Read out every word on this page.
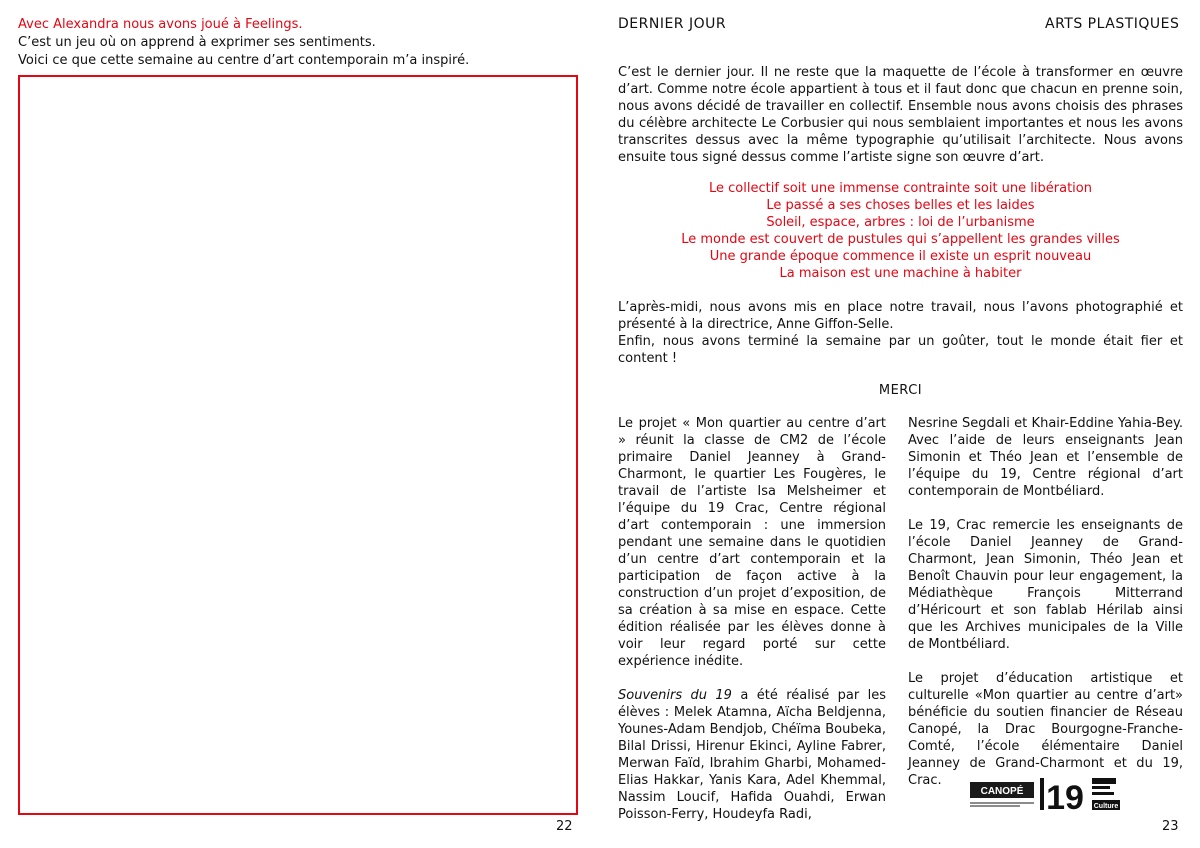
Avec Alexandra nous avons joué à Feelings.
C’est un jeu où on apprend à exprimer ses sentiments.
Voici ce que cette semaine au centre d’art contemporain m’a inspiré.
22
DERNIER JOUR	ARTS PLASTIQUES
C’est le dernier jour. Il ne reste que la maquette de l’école à transformer en œuvre d’art. Comme notre école appartient à tous et il faut donc que chacun en prenne soin, nous avons décidé de travailler en collectif. Ensemble nous avons choisis des phrases du célèbre architecte Le Corbusier qui nous semblaient importantes et nous les avons transcrites dessus avec la même typographie qu’utilisait l’architecte. Nous avons ensuite tous signé dessus comme l’artiste signe son œuvre d’art.
Le collectif soit une immense contrainte soit une libération
Le passé a ses choses belles et les laides
Soleil, espace, arbres : loi de l’urbanisme
Le monde est couvert de pustules qui s’appellent les grandes villes
Une grande époque commence il existe un esprit nouveau
La maison est une machine à habiter
L’après-midi, nous avons mis en place notre travail, nous l’avons photographié et présenté à la directrice, Anne Giffon-Selle.
Enfin, nous avons terminé la semaine par un goûter, tout le monde était fier et content !
MERCI

Le projet « Mon quartier au centre d’art » réunit la classe de CM2 de l’école primaire Daniel Jeanney à Grand-Charmont, le quartier Les Fougères, le travail de l’artiste Isa Melsheimer et l’équipe du 19 Crac, Centre régional d’art contemporain : une immersion pendant une semaine dans le quotidien d’un centre d’art contemporain et la participation de façon active à la construction d’un projet d’exposition, de sa création à sa mise en espace. Cette édition réalisée par les élèves donne à voir leur regard porté sur cette expérience inédite.

Souvenirs du 19 a été réalisé par les élèves : Melek Atamna, Aïcha Beldjenna, Younes-Adam Bendjob, Chéïma Boubeka, Bilal Drissi, Hirenur Ekinci, Ayline Fabrer, Merwan Faïd, Ibrahim Gharbi, Mohamed-Elias Hakkar, Yanis Kara, Adel Khemmal, Nassim Loucif, Hafida Ouahdi, Erwan Poisson-Ferry, Houdeyfa Radi,

Nesrine Segdali et Khair-Eddine Yahia-Bey. Avec l’aide de leurs enseignants Jean Simonin et Théo Jean et l’ensemble de l’équipe du 19, Centre régional d’art contemporain de Montbéliard.

Le 19, Crac remercie les enseignants de l’école Daniel Jeanney de Grand-Charmont, Jean Simonin, Théo Jean et Benoît Chauvin pour leur engagement, la Médiathèque François Mitterrand d’Héricourt et son fablab Hérilab ainsi que les Archives municipales de la Ville de Montbéliard.

Le projet d’éducation artistique et culturelle «Mon quartier au centre d’art» bénéficie du soutien financier de Réseau Canopé, la Drac Bourgogne-Franche-Comté, l’école élémentaire Daniel Jeanney de Grand-Charmont et du 19, Crac.

CANOPÉ 19 Culture
23
